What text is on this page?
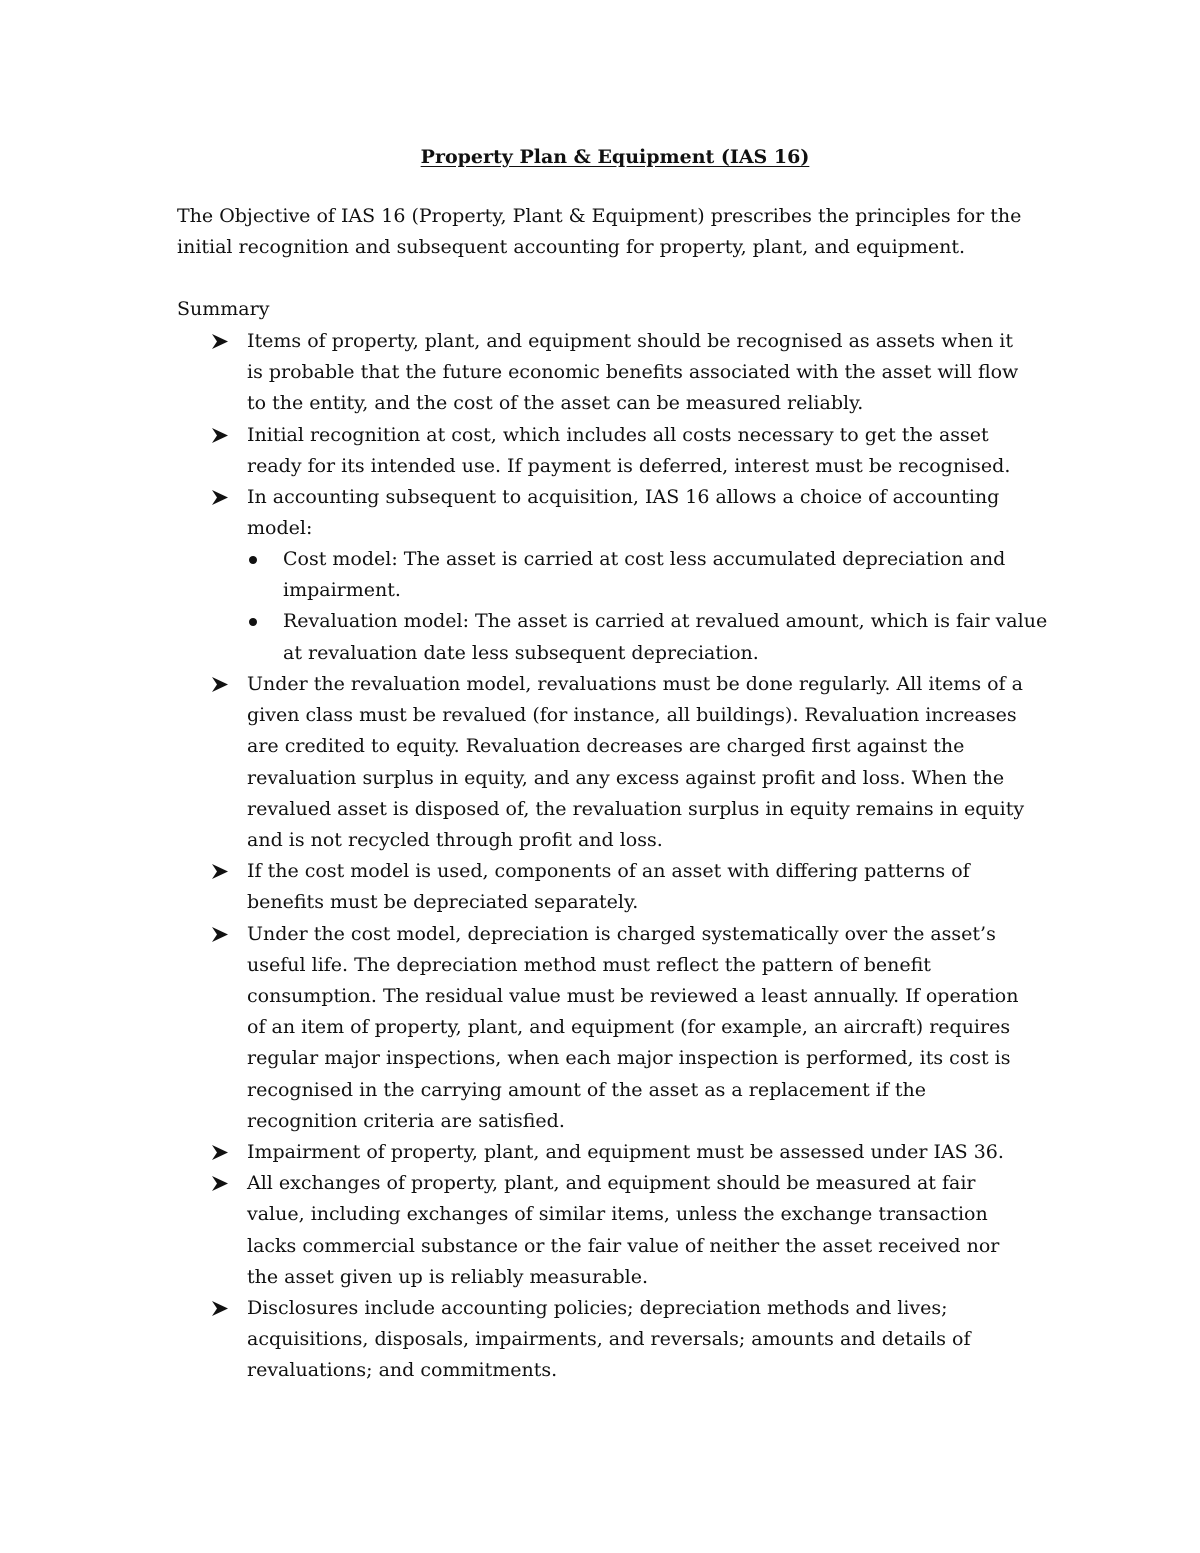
Property Plan & Equipment (IAS 16)

The Objective of IAS 16 (Property, Plant & Equipment) prescribes the principles for the initial recognition and subsequent accounting for property, plant, and equipment.

Summary

Items of property, plant, and equipment should be recognised as assets when it is probable that the future economic benefits associated with the asset will flow to the entity, and the cost of the asset can be measured reliably.
Initial recognition at cost, which includes all costs necessary to get the asset ready for its intended use. If payment is deferred, interest must be recognised.
In accounting subsequent to acquisition, IAS 16 allows a choice of accounting model:
Cost model: The asset is carried at cost less accumulated depreciation and impairment.
Revaluation model: The asset is carried at revalued amount, which is fair value at revaluation date less subsequent depreciation.
Under the revaluation model, revaluations must be done regularly. All items of a given class must be revalued (for instance, all buildings). Revaluation increases are credited to equity. Revaluation decreases are charged first against the revaluation surplus in equity, and any excess against profit and loss. When the revalued asset is disposed of, the revaluation surplus in equity remains in equity and is not recycled through profit and loss.
If the cost model is used, components of an asset with differing patterns of benefits must be depreciated separately.
Under the cost model, depreciation is charged systematically over the asset’s useful life. The depreciation method must reflect the pattern of benefit consumption. The residual value must be reviewed a least annually. If operation of an item of property, plant, and equipment (for example, an aircraft) requires regular major inspections, when each major inspection is performed, its cost is recognised in the carrying amount of the asset as a replacement if the recognition criteria are satisfied.
Impairment of property, plant, and equipment must be assessed under IAS 36.
All exchanges of property, plant, and equipment should be measured at fair value, including exchanges of similar items, unless the exchange transaction lacks commercial substance or the fair value of neither the asset received nor the asset given up is reliably measurable.
Disclosures include accounting policies; depreciation methods and lives; acquisitions, disposals, impairments, and reversals; amounts and details of revaluations; and commitments.
